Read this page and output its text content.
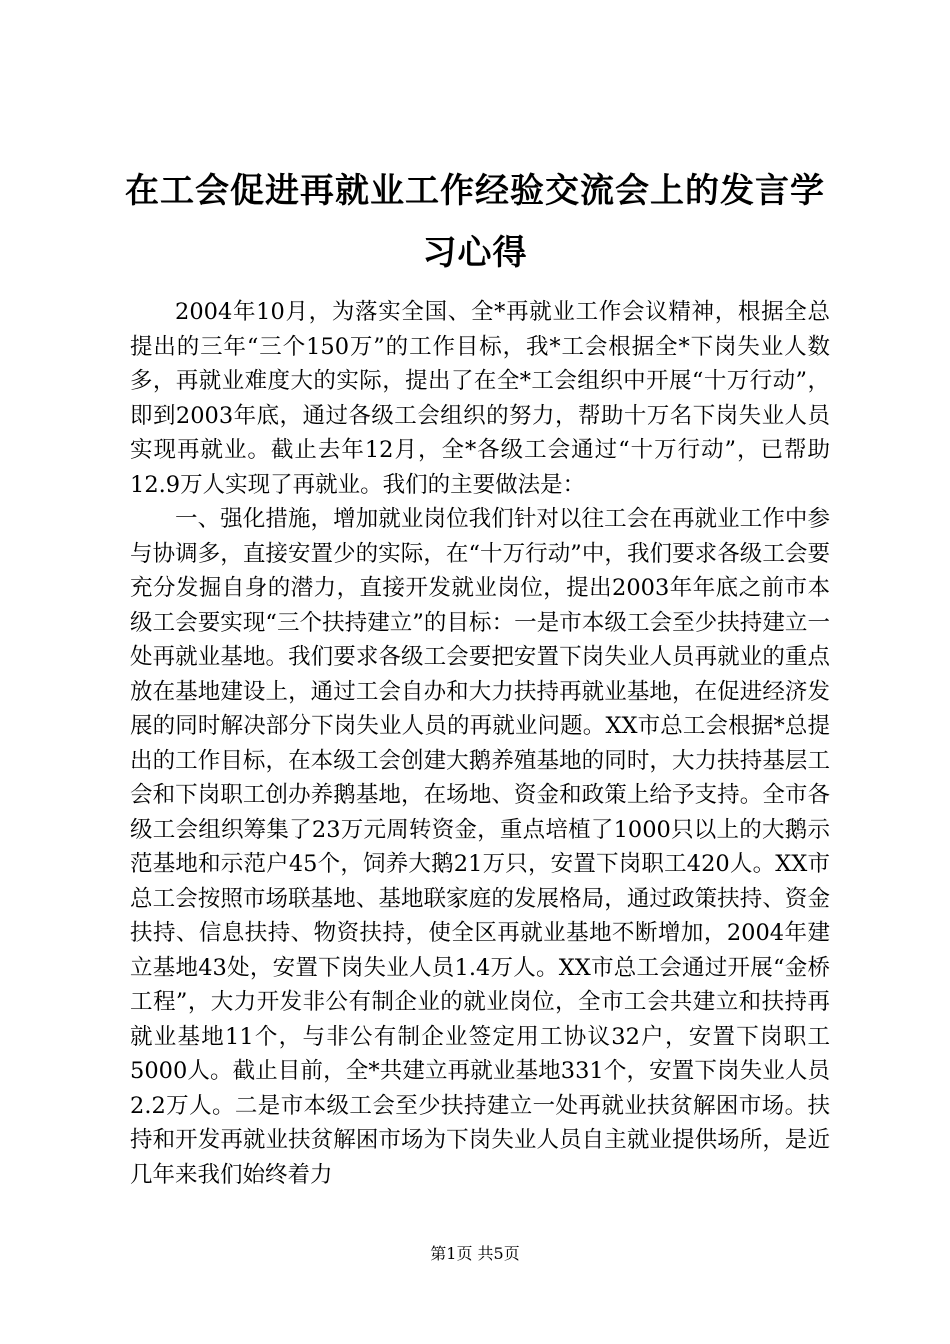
在工会促进再就业工作经验交流会上的发言学习心得

2004年10月，为落实全国、全*再就业工作会议精神，根据全总提出的三年“三个150万”的工作目标，我*工会根据全*下岗失业人数多，再就业难度大的实际，提出了在全*工会组织中开展“十万行动”，即到2003年底，通过各级工会组织的努力，帮助十万名下岗失业人员实现再就业。截止去年12月，全*各级工会通过“十万行动”，已帮助12.9万人实现了再就业。我们的主要做法是：

一、强化措施，增加就业岗位我们针对以往工会在再就业工作中参与协调多，直接安置少的实际，在“十万行动”中，我们要求各级工会要充分发掘自身的潜力，直接开发就业岗位，提出2003年年底之前市本级工会要实现“三个扶持建立”的目标：一是市本级工会至少扶持建立一处再就业基地。我们要求各级工会要把安置下岗失业人员再就业的重点放在基地建设上，通过工会自办和大力扶持再就业基地，在促进经济发展的同时解决部分下岗失业人员的再就业问题。XX市总工会根据*总提出的工作目标，在本级工会创建大鹅养殖基地的同时，大力扶持基层工会和下岗职工创办养鹅基地，在场地、资金和政策上给予支持。全市各级工会组织筹集了23万元周转资金，重点培植了1000只以上的大鹅示范基地和示范户45个，饲养大鹅21万只，安置下岗职工420人。XX市总工会按照市场联基地、基地联家庭的发展格局，通过政策扶持、资金扶持、信息扶持、物资扶持，使全区再就业基地不断增加，2004年建立基地43处，安置下岗失业人员1.4万人。XX市总工会通过开展“金桥工程”，大力开发非公有制企业的就业岗位，全市工会共建立和扶持再就业基地11个，与非公有制企业签定用工协议32户，安置下岗职工5000人。截止目前，全*共建立再就业基地331个，安置下岗失业人员2.2万人。二是市本级工会至少扶持建立一处再就业扶贫解困市场。扶持和开发再就业扶贫解困市场为下岗失业人员自主就业提供场所，是近几年来我们始终着力

第1页 共5页
